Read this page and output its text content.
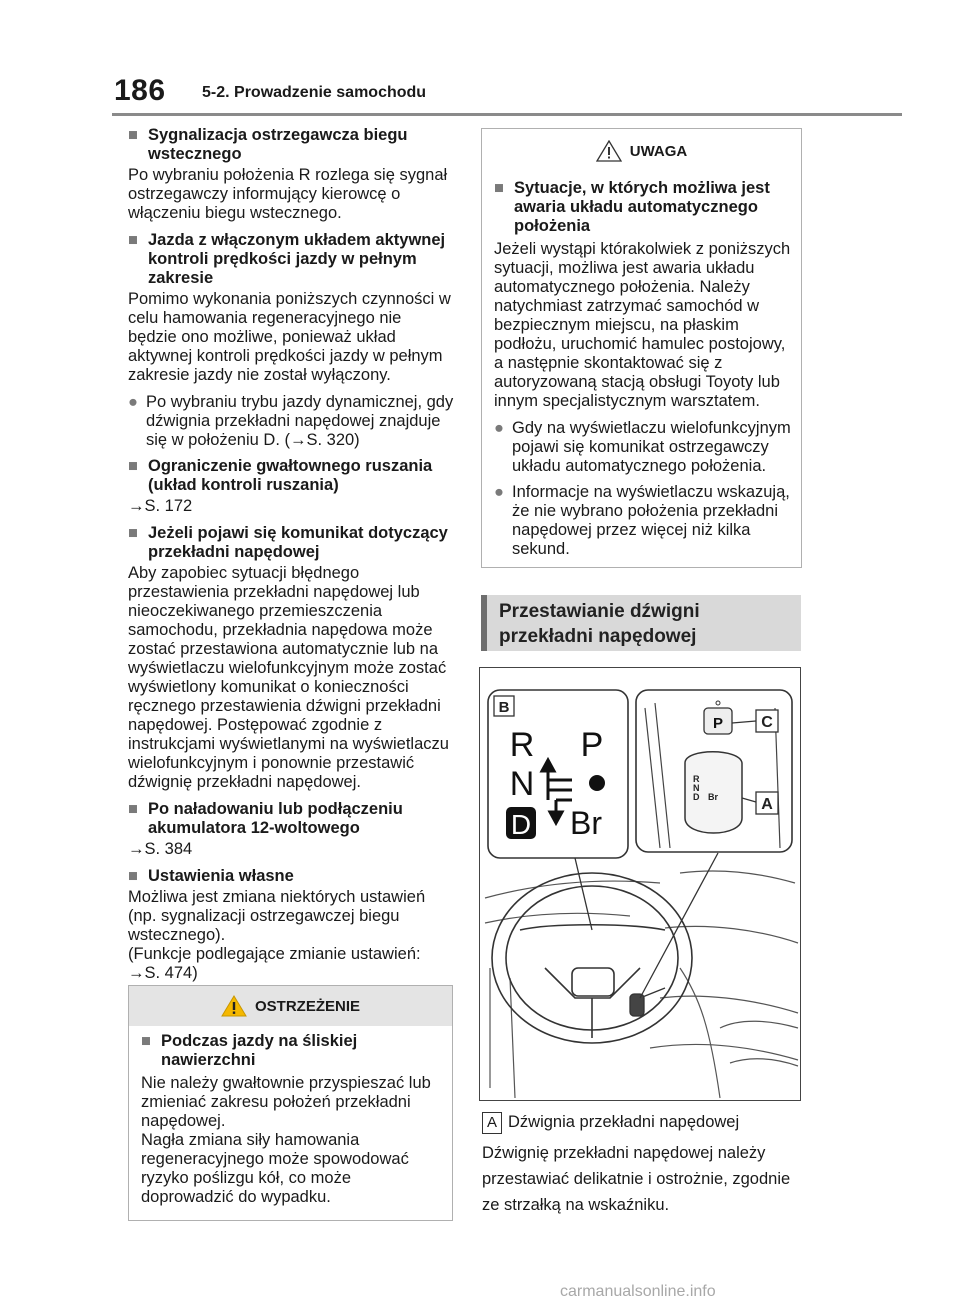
186 5-2. Prowadzenie samochodu

■ Sygnalizacja ostrzegawcza biegu wstecznego

Po wybraniu położenia R rozlega się sygnał ostrzegawczy informujący kierowcę o włączeniu biegu wstecznego.

■ Jazda z włączonym układem aktywnej kontroli prędkości jazdy w pełnym zakresie

Pomimo wykonania poniższych czynności w celu hamowania regeneracyjnego nie będzie ono możliwe, ponieważ układ aktywnej kontroli prędkości jazdy w pełnym zakresie jazdy nie został wyłączony.

● Po wybraniu trybu jazdy dynamicznej, gdy dźwignia przekładni napędowej znajduje się w położeniu D. (→S. 320)

■ Ograniczenie gwałtownego ruszania (układ kontroli ruszania)

→S. 172

■ Jeżeli pojawi się komunikat dotyczący przekładni napędowej

Aby zapobiec sytuacji błędnego przestawienia przekładni napędowej lub nieoczekiwanego przemieszczenia samochodu, przekładnia napędowa może zostać przestawiona automatycznie lub na wyświetlaczu wielofunkcyjnym może zostać wyświetlony komunikat o konieczności ręcznego przestawienia dźwigni przekładni napędowej. Postępować zgodnie z instrukcjami wyświetlanymi na wyświetlaczu wielofunkcyjnym i ponownie przestawić dźwignię przekładni napędowej.

■ Po naładowaniu lub podłączeniu akumulatora 12-woltowego

→S. 384

■ Ustawienia własne

Możliwa jest zmiana niektórych ustawień (np. sygnalizacji ostrzegawczej biegu wstecznego).
(Funkcje podlegające zmianie ustawień: →S. 474)

OSTRZEŻENIE

■ Podczas jazdy na śliskiej nawierzchni

Nie należy gwałtownie przyspieszać lub zmieniać zakresu położeń przekładni napędowej.
Nagła zmiana siły hamowania regeneracyjnego może spowodować ryzyko poślizgu kół, co może doprowadzić do wypadku.

UWAGA

■ Sytuacje, w których możliwa jest awaria układu automatycznego położenia

Jeżeli wystąpi którakolwiek z poniższych sytuacji, możliwa jest awaria układu automatycznego położenia. Należy natychmiast zatrzymać samochód w bezpiecznym miejscu, na płaskim podłożu, uruchomić hamulec postojowy, a następnie skontaktować się z autoryzowaną stacją obsługi Toyoty lub innym specjalistycznym warsztatem.

● Gdy na wyświetlaczu wielofunkcyjnym pojawi się komunikat ostrzegawczy układu automatycznego położenia.
● Informacje na wyświetlaczu wskazują, że nie wybrano położenia przekładni napędowej przez więcej niż kilka sekund.
Przestawianie dźwigni
przekładni napędowej
B
R P
N
D Br
P C
R
N
D Br	A
A Dźwignia przekładni napędowej
Dźwignię przekładni napędowej należy przestawiać delikatnie i ostrożnie, zgodnie ze strzałką na wskaźniku.
carmanualsonline.info
